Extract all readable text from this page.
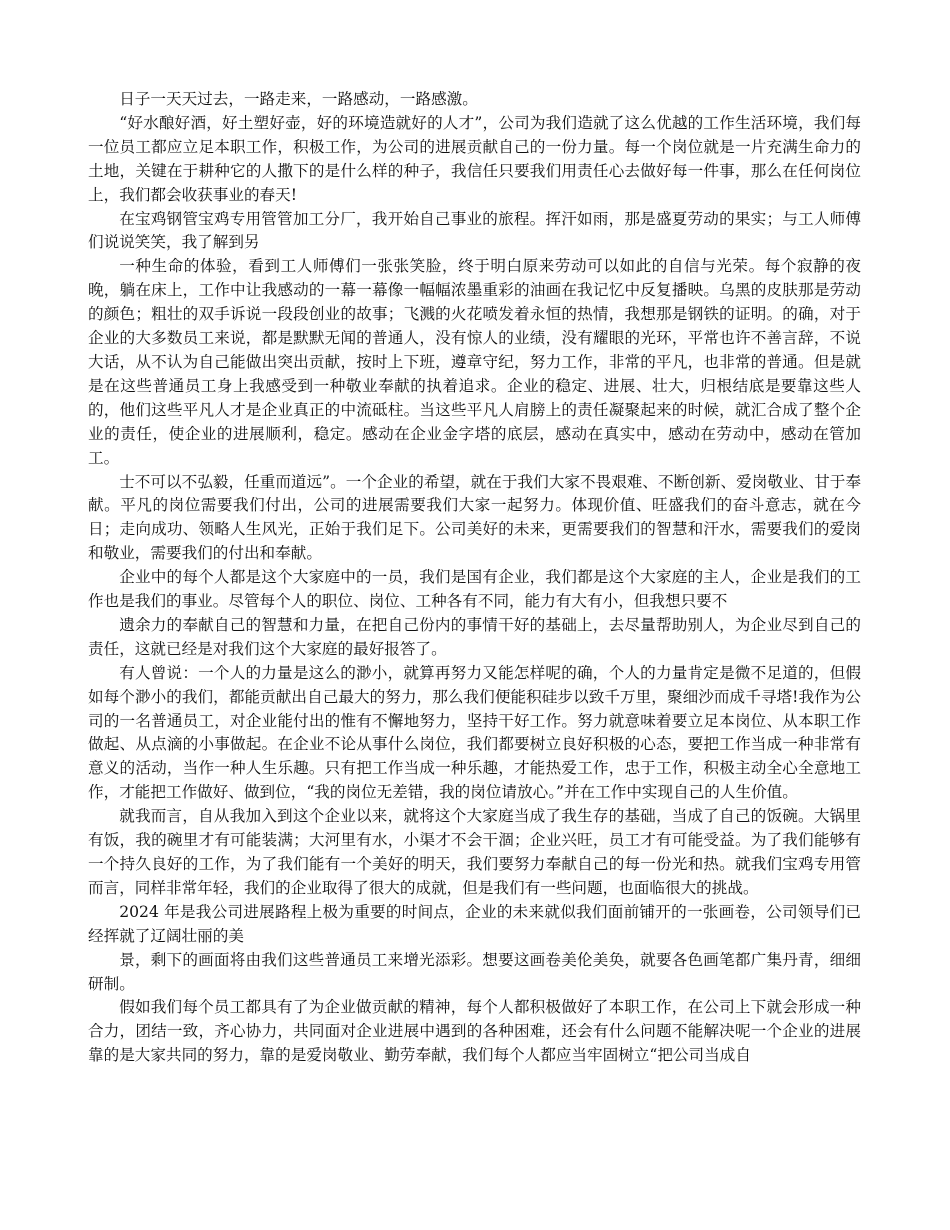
日子一天天过去，一路走来，一路感动，一路感激。

“好水酿好酒，好土塑好壶，好的环境造就好的人才”，公司为我们造就了这么优越的工作生活环境，我们每一位员工都应立足本职工作，积极工作，为公司的进展贡献自己的一份力量。每一个岗位就是一片充满生命力的土地，关键在于耕种它的人撒下的是什么样的种子，我信任只要我们用责任心去做好每一件事，那么在任何岗位上，我们都会收获事业的春天!

在宝鸡钢管宝鸡专用管管加工分厂，我开始自己事业的旅程。挥汗如雨，那是盛夏劳动的果实；与工人师傅们说说笑笑，我了解到另

一种生命的体验，看到工人师傅们一张张笑脸，终于明白原来劳动可以如此的自信与光荣。每个寂静的夜晚，躺在床上，工作中让我感动的一幕一幕像一幅幅浓墨重彩的油画在我记忆中反复播映。乌黑的皮肤那是劳动的颜色；粗壮的双手诉说一段段创业的故事；飞溅的火花喷发着永恒的热情，我想那是钢铁的证明。的确，对于企业的大多数员工来说，都是默默无闻的普通人，没有惊人的业绩，没有耀眼的光环，平常也许不善言辞，不说大话，从不认为自己能做出突出贡献，按时上下班，遵章守纪，努力工作，非常的平凡，也非常的普通。但是就是在这些普通员工身上我感受到一种敬业奉献的执着追求。企业的稳定、进展、壮大，归根结底是要靠这些人的，他们这些平凡人才是企业真正的中流砥柱。当这些平凡人肩膀上的责任凝聚起来的时候，就汇合成了整个企业的责任，使企业的进展顺利，稳定。感动在企业金字塔的底层，感动在真实中，感动在劳动中，感动在管加工。

士不可以不弘毅，任重而道远”。一个企业的希望，就在于我们大家不畏艰难、不断创新、爱岗敬业、甘于奉献。平凡的岗位需要我们付出，公司的进展需要我们大家一起努力。体现价值、旺盛我们的奋斗意志，就在今日；走向成功、领略人生风光，正始于我们足下。公司美好的未来，更需要我们的智慧和汗水，需要我们的爱岗和敬业，需要我们的付出和奉献。

企业中的每个人都是这个大家庭中的一员，我们是国有企业，我们都是这个大家庭的主人，企业是我们的工作也是我们的事业。尽管每个人的职位、岗位、工种各有不同，能力有大有小，但我想只要不

遗余力的奉献自己的智慧和力量，在把自己份内的事情干好的基础上，去尽量帮助别人，为企业尽到自己的责任，这就已经是对我们这个大家庭的最好报答了。

有人曾说：一个人的力量是这么的渺小，就算再努力又能怎样呢的确，个人的力量肯定是微不足道的，但假如每个渺小的我们，都能贡献出自己最大的努力，那么我们便能积硅步以致千万里，聚细沙而成千寻塔!我作为公司的一名普通员工，对企业能付出的惟有不懈地努力，坚持干好工作。努力就意味着要立足本岗位、从本职工作做起、从点滴的小事做起。在企业不论从事什么岗位，我们都要树立良好积极的心态，要把工作当成一种非常有意义的活动，当作一种人生乐趣。只有把工作当成一种乐趣，才能热爱工作，忠于工作，积极主动全心全意地工作，才能把工作做好、做到位，“我的岗位无差错，我的岗位请放心。”并在工作中实现自己的人生价值。

就我而言，自从我加入到这个企业以来，就将这个大家庭当成了我生存的基础，当成了自己的饭碗。大锅里有饭，我的碗里才有可能装满；大河里有水，小渠才不会干涸；企业兴旺，员工才有可能受益。为了我们能够有一个持久良好的工作，为了我们能有一个美好的明天，我们要努力奉献自己的每一份光和热。就我们宝鸡专用管而言，同样非常年轻，我们的企业取得了很大的成就，但是我们有一些问题，也面临很大的挑战。

2024 年是我公司进展路程上极为重要的时间点，企业的未来就似我们面前铺开的一张画卷，公司领导们已经挥就了辽阔壮丽的美

景，剩下的画面将由我们这些普通员工来增光添彩。想要这画卷美伦美奂，就要各色画笔都广集丹青，细细研制。

假如我们每个员工都具有了为企业做贡献的精神，每个人都积极做好了本职工作，在公司上下就会形成一种合力，团结一致，齐心协力，共同面对企业进展中遇到的各种困难，还会有什么问题不能解决呢一个企业的进展靠的是大家共同的努力，靠的是爱岗敬业、勤劳奉献，我们每个人都应当牢固树立“把公司当成自
